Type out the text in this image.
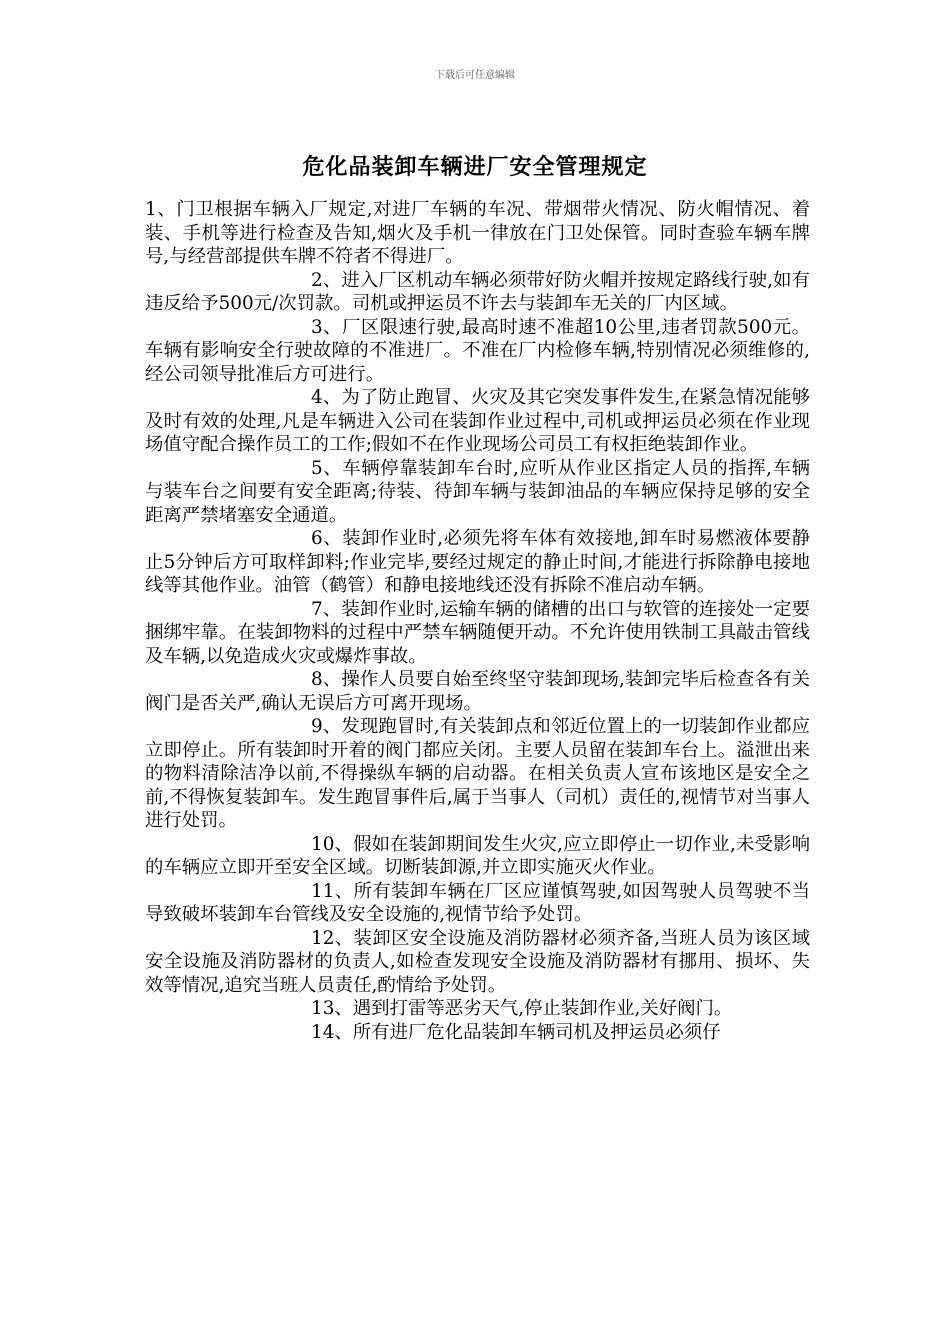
下载后可任意编辑
危化品装卸车辆进厂安全管理规定

1、门卫根据车辆入厂规定,对进厂车辆的车况、带烟带火情况、防火帽情况、着装、手机等进行检查及告知,烟火及手机一律放在门卫处保管。同时查验车辆车牌号,与经营部提供车牌不符者不得进厂。

2、进入厂区机动车辆必须带好防火帽并按规定路线行驶,如有违反给予500元/次罚款。司机或押运员不许去与装卸车无关的厂内区域。

3、厂区限速行驶,最高时速不准超10公里,违者罚款500元。车辆有影响安全行驶故障的不准进厂。不准在厂内检修车辆,特别情况必须维修的,经公司领导批准后方可进行。

4、为了防止跑冒、火灾及其它突发事件发生,在紧急情况能够及时有效的处理,凡是车辆进入公司在装卸作业过程中,司机或押运员必须在作业现场值守配合操作员工的工作;假如不在作业现场公司员工有权拒绝装卸作业。

5、车辆停靠装卸车台时,应听从作业区指定人员的指挥,车辆与装车台之间要有安全距离;待装、待卸车辆与装卸油品的车辆应保持足够的安全距离严禁堵塞安全通道。

6、装卸作业时,必须先将车体有效接地,卸车时易燃液体要静止5分钟后方可取样卸料;作业完毕,要经过规定的静止时间,才能进行拆除静电接地线等其他作业。油管（鹤管）和静电接地线还没有拆除不准启动车辆。

7、装卸作业时,运输车辆的储槽的出口与软管的连接处一定要捆绑牢靠。在装卸物料的过程中严禁车辆随便开动。不允许使用铁制工具敲击管线及车辆,以免造成火灾或爆炸事故。

8、操作人员要自始至终坚守装卸现场,装卸完毕后检查各有关阀门是否关严,确认无误后方可离开现场。

9、发现跑冒时,有关装卸点和邻近位置上的一切装卸作业都应立即停止。所有装卸时开着的阀门都应关闭。主要人员留在装卸车台上。溢泄出来的物料清除洁净以前,不得操纵车辆的启动器。在相关负责人宣布该地区是安全之前,不得恢复装卸车。发生跑冒事件后,属于当事人（司机）责任的,视情节对当事人进行处罚。

10、假如在装卸期间发生火灾,应立即停止一切作业,未受影响的车辆应立即开至安全区域。切断装卸源,并立即实施灭火作业。

11、所有装卸车辆在厂区应谨慎驾驶,如因驾驶人员驾驶不当导致破坏装卸车台管线及安全设施的,视情节给予处罚。

12、装卸区安全设施及消防器材必须齐备,当班人员为该区域安全设施及消防器材的负责人,如检查发现安全设施及消防器材有挪用、损坏、失效等情况,追究当班人员责任,酌情给予处罚。

13、遇到打雷等恶劣天气,停止装卸作业,关好阀门。

14、所有进厂危化品装卸车辆司机及押运员必须仔
